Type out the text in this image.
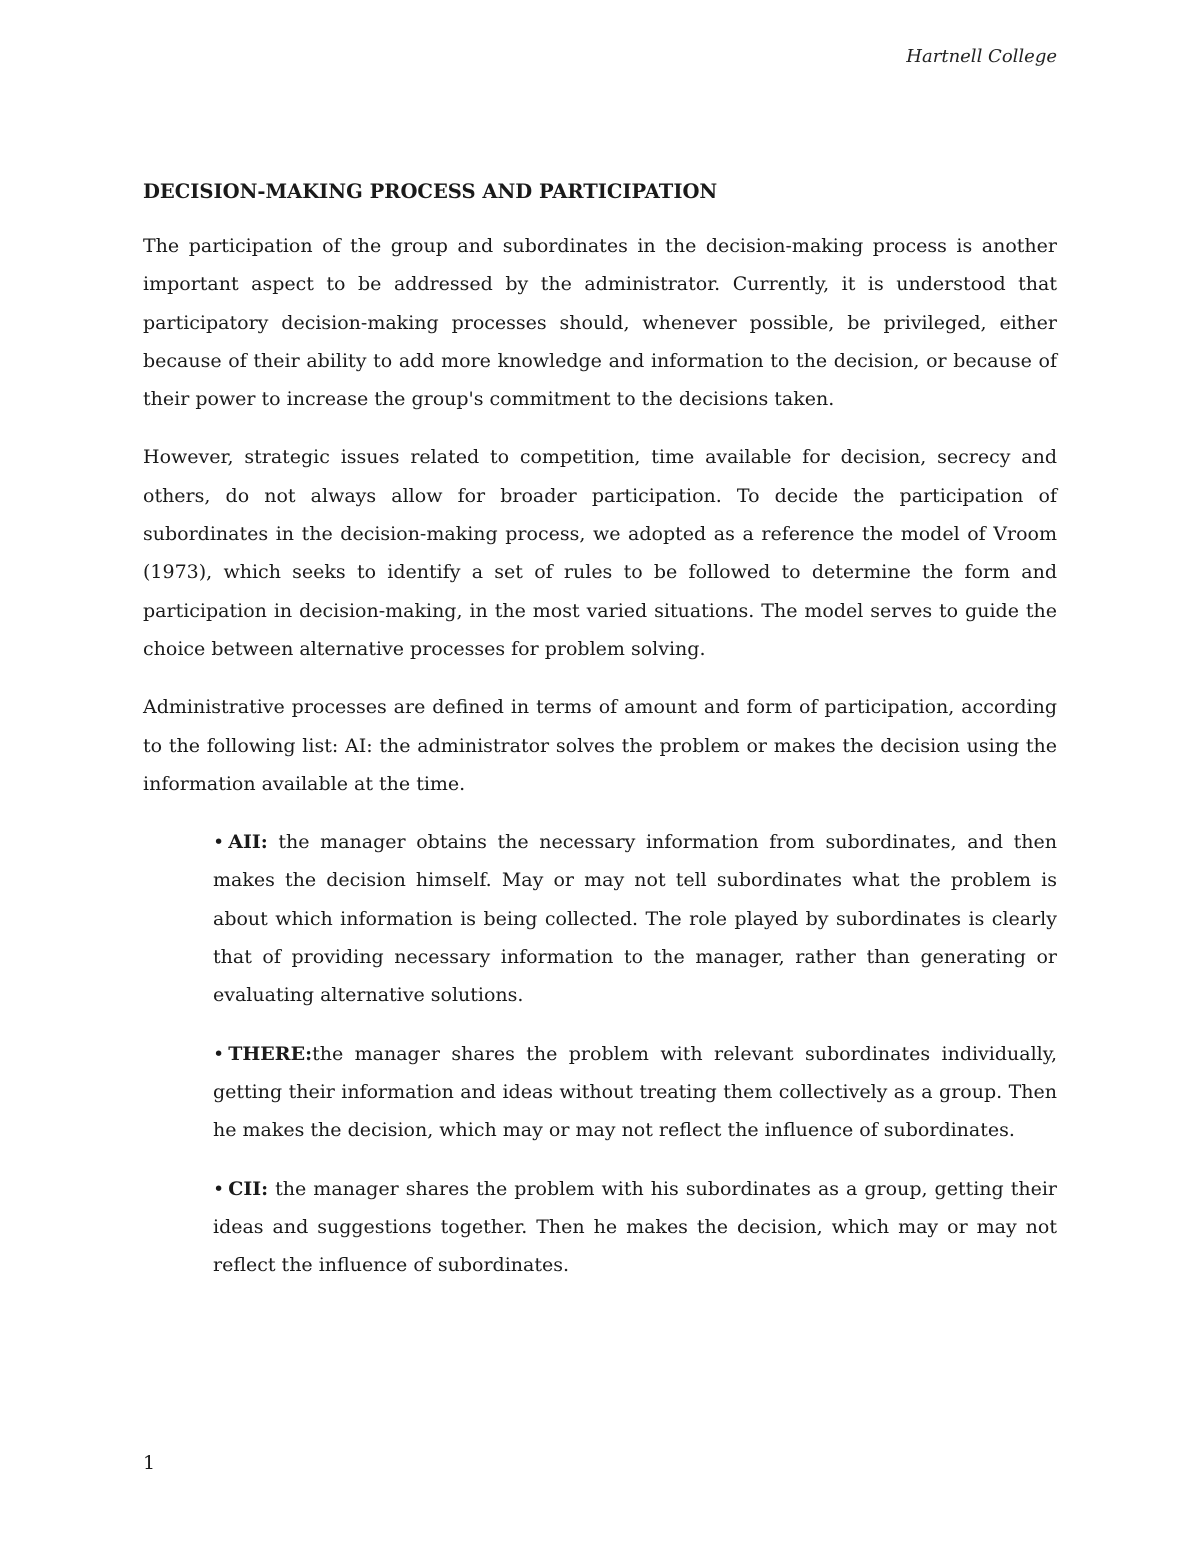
Hartnell College
DECISION-MAKING PROCESS AND PARTICIPATION

The participation of the group and subordinates in the decision-making process is another important aspect to be addressed by the administrator. Currently, it is understood that participatory decision-making processes should, whenever possible, be privileged, either because of their ability to add more knowledge and information to the decision, or because of their power to increase the group's commitment to the decisions taken.

However, strategic issues related to competition, time available for decision, secrecy and others, do not always allow for broader participation. To decide the participation of subordinates in the decision-making process, we adopted as a reference the model of Vroom (1973), which seeks to identify a set of rules to be followed to determine the form and participation in decision-making, in the most varied situations. The model serves to guide the choice between alternative processes for problem solving.

Administrative processes are defined in terms of amount and form of participation, according to the following list: AI: the administrator solves the problem or makes the decision using the information available at the time.

• AII: the manager obtains the necessary information from subordinates, and then makes the decision himself. May or may not tell subordinates what the problem is about which information is being collected. The role played by subordinates is clearly that of providing necessary information to the manager, rather than generating or evaluating alternative solutions.
• THERE:the manager shares the problem with relevant subordinates individually, getting their information and ideas without treating them collectively as a group. Then he makes the decision, which may or may not reflect the influence of subordinates.
• CII: the manager shares the problem with his subordinates as a group, getting their ideas and suggestions together. Then he makes the decision, which may or may not reflect the influence of subordinates.
1
